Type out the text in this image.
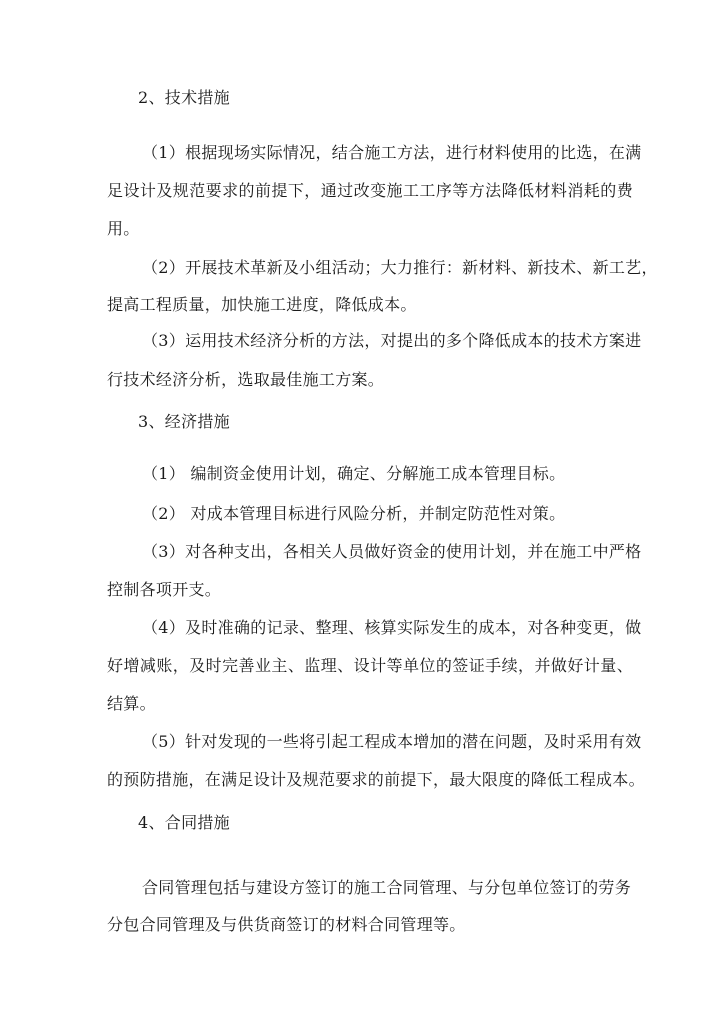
2、技术措施
（1）根据现场实际情况，结合施工方法，进行材料使用的比选，在满
足设计及规范要求的前提下，通过改变施工工序等方法降低材料消耗的费
用。
（2）开展技术革新及小组活动；大力推行：新材料、新技术、新工艺，
提高工程质量，加快施工进度，降低成本。
（3）运用技术经济分析的方法，对提出的多个降低成本的技术方案进
行技术经济分析，选取最佳施工方案。
3、经济措施
（1） 编制资金使用计划，确定、分解施工成本管理目标。
（2） 对成本管理目标进行风险分析，并制定防范性对策。
（3）对各种支出，各相关人员做好资金的使用计划，并在施工中严格
控制各项开支。
（4）及时准确的记录、整理、核算实际发生的成本，对各种变更，做
好增减账，及时完善业主、监理、设计等单位的签证手续，并做好计量、
结算。
（5）针对发现的一些将引起工程成本增加的潜在问题，及时采用有效
的预防措施，在满足设计及规范要求的前提下，最大限度的降低工程成本。
4、合同措施
合同管理包括与建设方签订的施工合同管理、与分包单位签订的劳务
分包合同管理及与供货商签订的材料合同管理等。
